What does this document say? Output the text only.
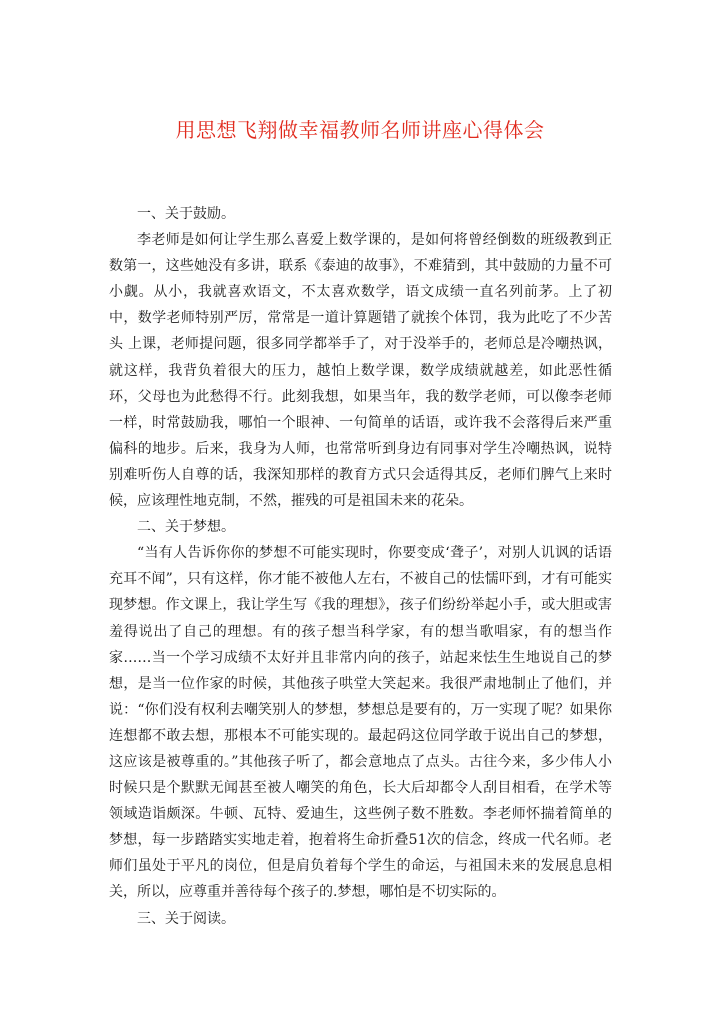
用思想飞翔做幸福教师名师讲座心得体会

一、关于鼓励。

李老师是如何让学生那么喜爱上数学课的，是如何将曾经倒数的班级教到正数第一，这些她没有多讲，联系《泰迪的故事》，不难猜到，其中鼓励的力量不可小觑。从小，我就喜欢语文，不太喜欢数学，语文成绩一直名列前茅。上了初中，数学老师特别严厉，常常是一道计算题错了就挨个体罚，我为此吃了不少苦头 上课，老师提问题，很多同学都举手了，对于没举手的，老师总是冷嘲热讽，就这样，我背负着很大的压力，越怕上数学课，数学成绩就越差，如此恶性循环，父母也为此愁得不行。此刻我想，如果当年，我的数学老师，可以像李老师一样，时常鼓励我，哪怕一个眼神、一句简单的话语，或许我不会落得后来严重偏科的地步。后来，我身为人师，也常常听到身边有同事对学生冷嘲热讽，说特别难听伤人自尊的话，我深知那样的教育方式只会适得其反，老师们脾气上来时候，应该理性地克制，不然，摧残的可是祖国未来的花朵。

二、关于梦想。

“当有人告诉你你的梦想不可能实现时，你要变成‘聋子’，对别人讥讽的话语充耳不闻”，只有这样，你才能不被他人左右，不被自己的怯懦吓到，才有可能实现梦想。作文课上，我让学生写《我的理想》，孩子们纷纷举起小手，或大胆或害羞得说出了自己的理想。有的孩子想当科学家，有的想当歌唱家，有的想当作家……当一个学习成绩不太好并且非常内向的孩子，站起来怯生生地说自己的梦想，是当一位作家的时候，其他孩子哄堂大笑起来。我很严肃地制止了他们，并说：“你们没有权利去嘲笑别人的梦想，梦想总是要有的，万一实现了呢？如果你连想都不敢去想，那根本不可能实现的。最起码这位同学敢于说出自己的梦想，这应该是被尊重的。”其他孩子听了，都会意地点了点头。古往今来，多少伟人小时候只是个默默无闻甚至被人嘲笑的角色，长大后却都令人刮目相看，在学术等领域造诣颇深。牛顿、瓦特、爱迪生，这些例子数不胜数。李老师怀揣着简单的梦想，每一步踏踏实实地走着，抱着将生命折叠51次的信念，终成一代名师。老师们虽处于平凡的岗位，但是肩负着每个学生的命运，与祖国未来的发展息息相关，所以，应尊重并善待每个孩子的.梦想，哪怕是不切实际的。

三、关于阅读。
